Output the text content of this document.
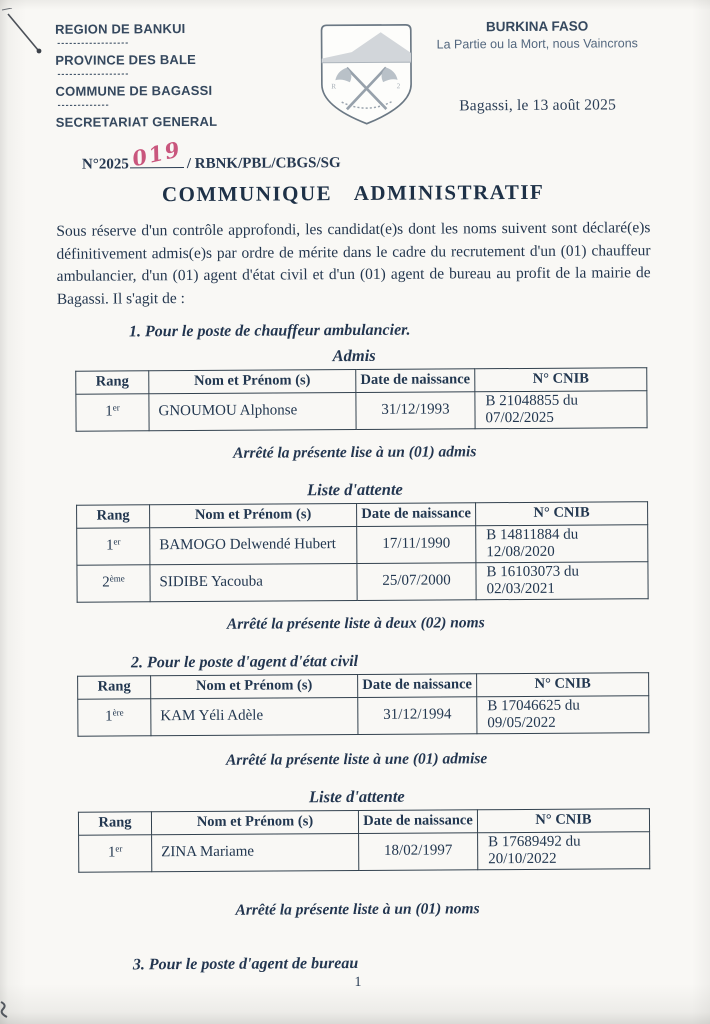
REGION DE BANKUI
------------------
PROVINCE DES BALE
------------------
COMMUNE DE BAGASSI
-------------
SECRETARIAT GENERAL
R	2
BURKINA FASO
La Partie ou la Mort, nous Vaincrons
Bagassi, le 13 août 2025
N°2025 019 / RBNK/PBL/CBGS/SG
COMMUNIQUE ADMINISTRATIF
Sous réserve d'un contrôle approfondi, les candidat(e)s dont les noms suivent sont déclaré(e)s définitivement admis(e)s par ordre de mérite dans le cadre du recrutement d'un (01) chauffeur ambulancier, d'un (01) agent d'état civil et d'un (01) agent de bureau au profit de la mairie de Bagassi. Il s'agit de :
1. Pour le poste de chauffeur ambulancier.
Admis
Rang	Nom et Prénom (s)	Date de naissance	N° CNIB
1er	GNOUMOU Alphonse	31/12/1993	B 21048855 du 07/02/2025
Arrêté la présente lise à un (01) admis
Liste d'attente
Rang	Nom et Prénom (s)	Date de naissance	N° CNIB
1er	BAMOGO Delwendé Hubert	17/11/1990	B 14811884 du 12/08/2020
2ème	SIDIBE Yacouba	25/07/2000	B 16103073 du 02/03/2021
Arrêté la présente liste à deux (02) noms
2. Pour le poste d'agent d'état civil
Rang	Nom et Prénom (s)	Date de naissance	N° CNIB
1ère	KAM Yéli Adèle	31/12/1994	B 17046625 du 09/05/2022
Arrêté la présente liste à une (01) admise
Liste d'attente
Rang	Nom et Prénom (s)	Date de naissance	N° CNIB
1er	ZINA Mariame	18/02/1997	B 17689492 du 20/10/2022
Arrêté la présente liste à un (01) noms
3. Pour le poste d'agent de bureau
1
